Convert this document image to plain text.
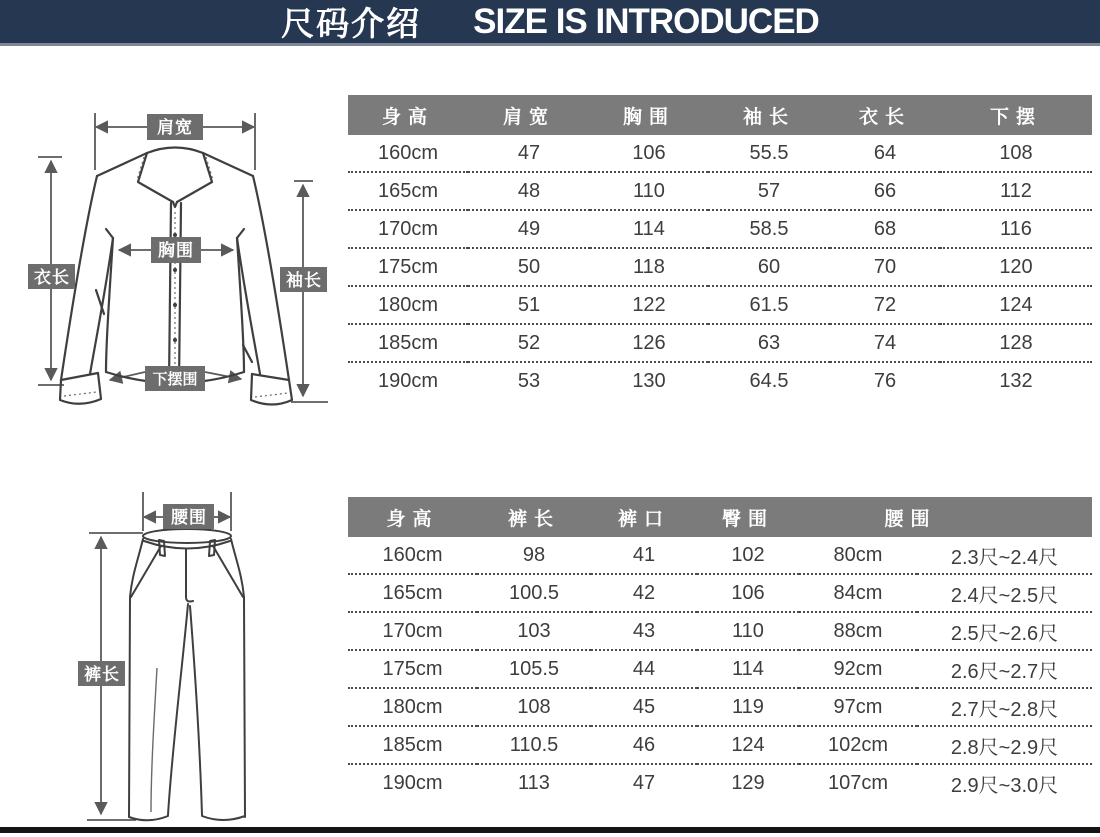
尺码介绍 SIZE IS INTRODUCED
肩宽
胸围
衣长	袖长
下摆围
腰围
裤长
身高	肩宽	胸围	袖长	衣长	下摆
160cm	47	106	55.5	64	108
165cm	48	110	57	66	112
170cm	49	114	58.5	68	116
175cm	50	118	60	70	120
180cm	51	122	61.5	72	124
185cm	52	126	63	74	128
190cm	53	130	64.5	76	132
身高	裤长	裤口	臀围	腰围	
160cm	98	41	102	80cm	2.3尺~2.4尺
165cm	100.5	42	106	84cm	2.4尺~2.5尺
170cm	103	43	110	88cm	2.5尺~2.6尺
175cm	105.5	44	114	92cm	2.6尺~2.7尺
180cm	108	45	119	97cm	2.7尺~2.8尺
185cm	110.5	46	124	102cm	2.8尺~2.9尺
190cm	113	47	129	107cm	2.9尺~3.0尺
